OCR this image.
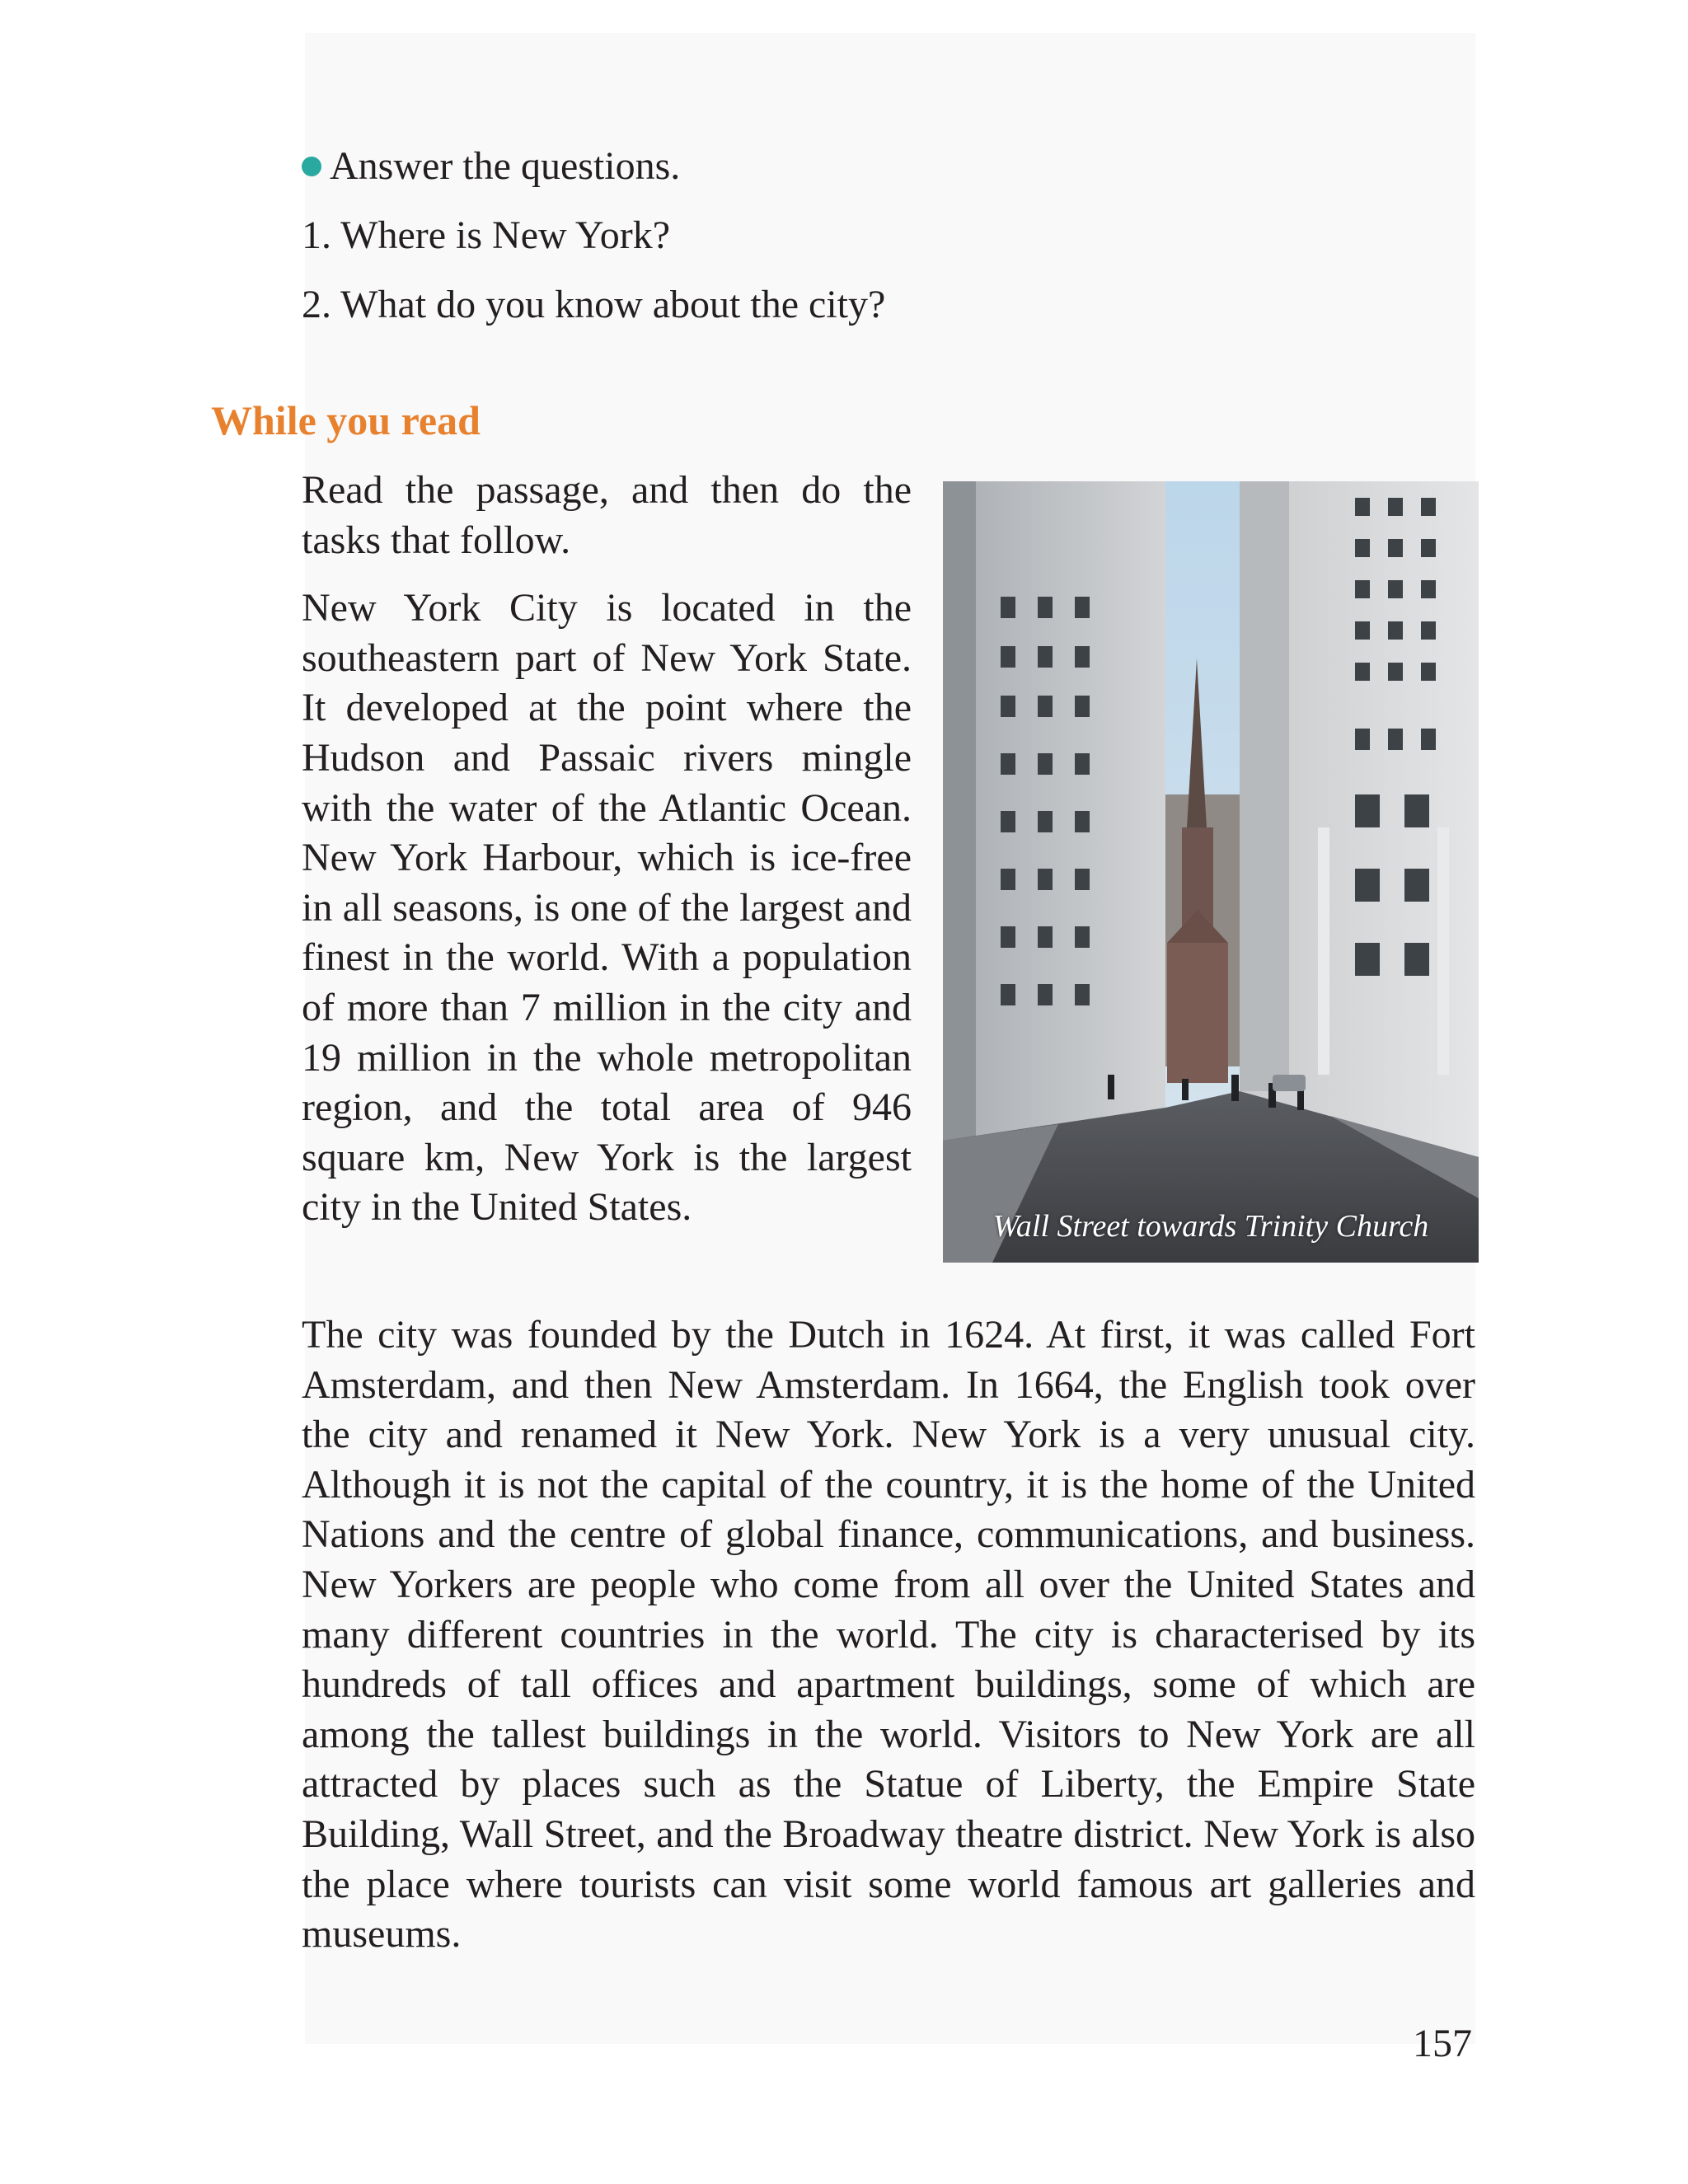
Answer the questions.

1. Where is New York?

2. What do you know about the city?

While you read

Read the passage, and then do the tasks that follow.

New York City is located in the southeastern part of New York State. It developed at the point where the Hudson and Passaic rivers mingle with the water of the Atlantic Ocean. New York Harbour, which is ice-free in all seasons, is one of the largest and finest in the world. With a population of more than 7 million in the city and 19 million in the whole metropolitan region, and the total area of 946 square km, New York is the largest city in the United States.	Wall Street towards Trinity Church

The city was founded by the Dutch in 1624. At first, it was called Fort Amsterdam, and then New Amsterdam. In 1664, the English took over the city and renamed it New York. New York is a very unusual city. Although it is not the capital of the country, it is the home of the United Nations and the centre of global finance, communications, and business. New Yorkers are people who come from all over the United States and many different countries in the world. The city is characterised by its hundreds of tall offices and apartment buildings, some of which are among the tallest buildings in the world. Visitors to New York are all attracted by places such as the Statue of Liberty, the Empire State Building, Wall Street, and the Broadway theatre district. New York is also the place where tourists can visit some world famous art galleries and museums.

157
